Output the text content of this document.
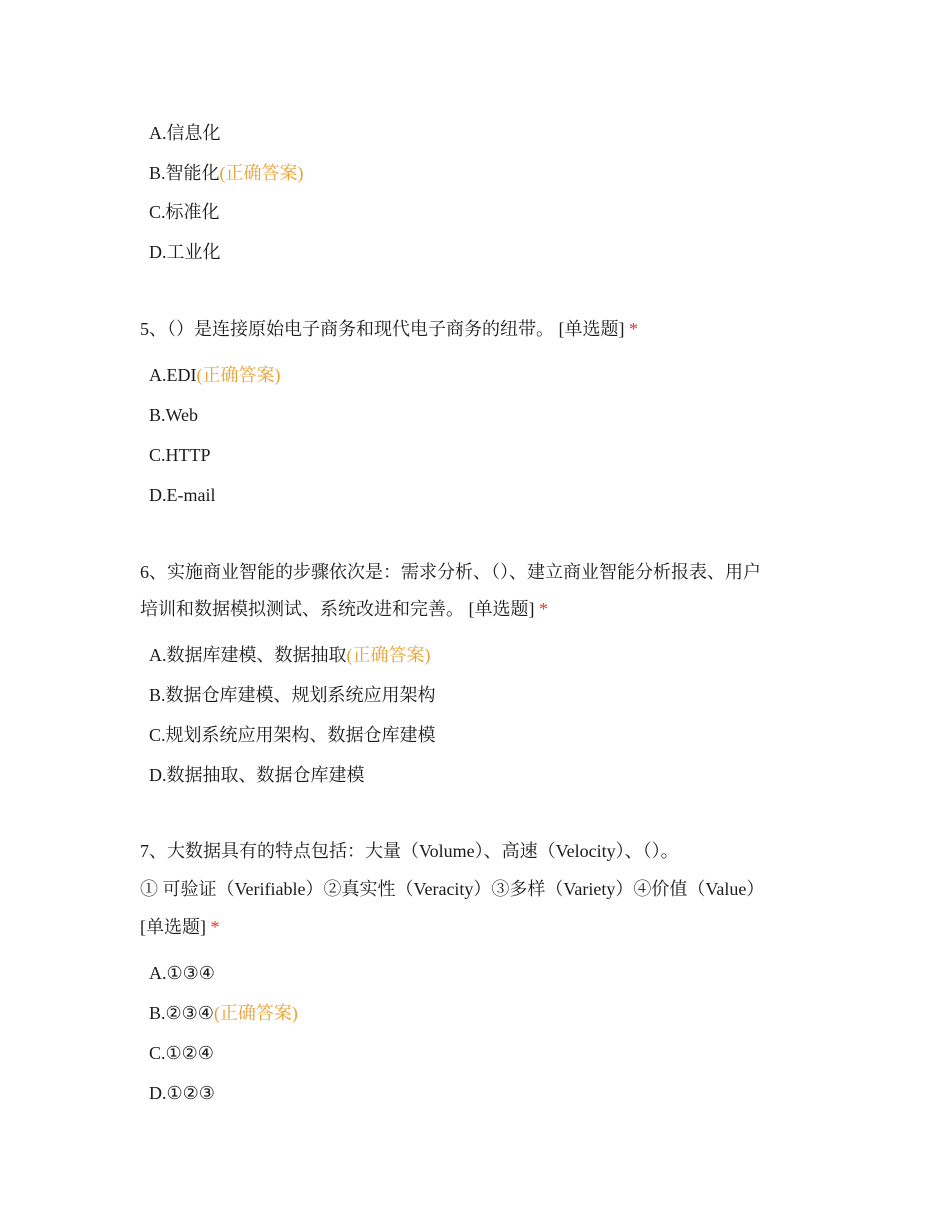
A.信息化
B.智能化(正确答案)
C.标准化
D.工业化
5、（）是连接原始电子商务和现代电子商务的纽带。 [单选题] *
A.EDI(正确答案)
B.Web
C.HTTP
D.E-mail
6、实施商业智能的步骤依次是：需求分析、（）、建立商业智能分析报表、用户
培训和数据模拟测试、系统改进和完善。 [单选题] *
A.数据库建模、数据抽取(正确答案)
B.数据仓库建模、规划系统应用架构
C.规划系统应用架构、数据仓库建模
D.数据抽取、数据仓库建模
7、大数据具有的特点包括：大量（Volume）、高速（Velocity）、（）。
① 可验证（Verifiable）②真实性（Veracity）③多样（Variety）④价值（Value）
[单选题] *
A.①③④
B.②③④(正确答案)
C.①②④
D.①②③
